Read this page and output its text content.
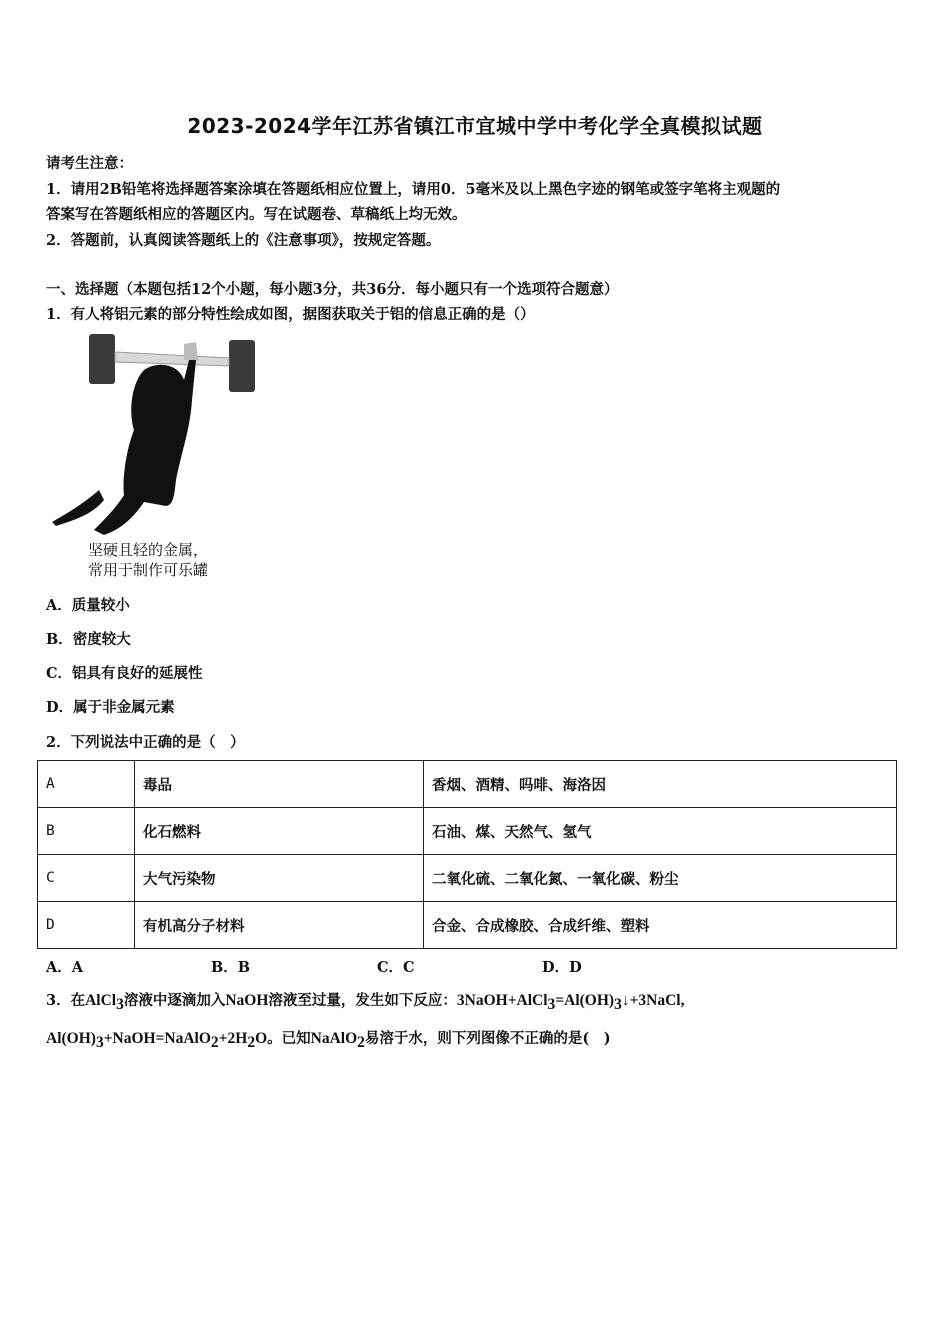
2023-2024学年江苏省镇江市宜城中学中考化学全真模拟试题
请考生注意：
1．请用2B铅笔将选择题答案涂填在答题纸相应位置上，请用0．5毫米及以上黑色字迹的钢笔或签字笔将主观题的
答案写在答题纸相应的答题区内。写在试题卷、草稿纸上均无效。
2．答题前，认真阅读答题纸上的《注意事项》，按规定答题。
一、选择题（本题包括12个小题，每小题3分，共36分．每小题只有一个选项符合题意）
1．有人将铝元素的部分特性绘成如图，据图获取关于铝的信息正确的是（）
坚硬且轻的金属，
常用于制作可乐罐
A．质量较小
B．密度较大
C．铝具有良好的延展性
D．属于非金属元素
2．下列说法中正确的是（　）
A	毒品	香烟、酒精、吗啡、海洛因
B	化石燃料	石油、煤、天然气、氢气
C	大气污染物	二氧化硫、二氧化氮、一氧化碳、粉尘
D	有机高分子材料	合金、合成橡胶、合成纤维、塑料
A．A	B．B	C．C	D．D
3．在AlCl$_3$溶液中逐滴加入NaOH溶液至过量，发生如下反应：$3NaOH+AlCl_3=Al(OH)_3↓+3NaCl$,
$Al(OH)_3+NaOH=NaAlO_2+2H_2O$。已知NaAlO$_2$易溶于水，则下列图像不正确的是(　)
